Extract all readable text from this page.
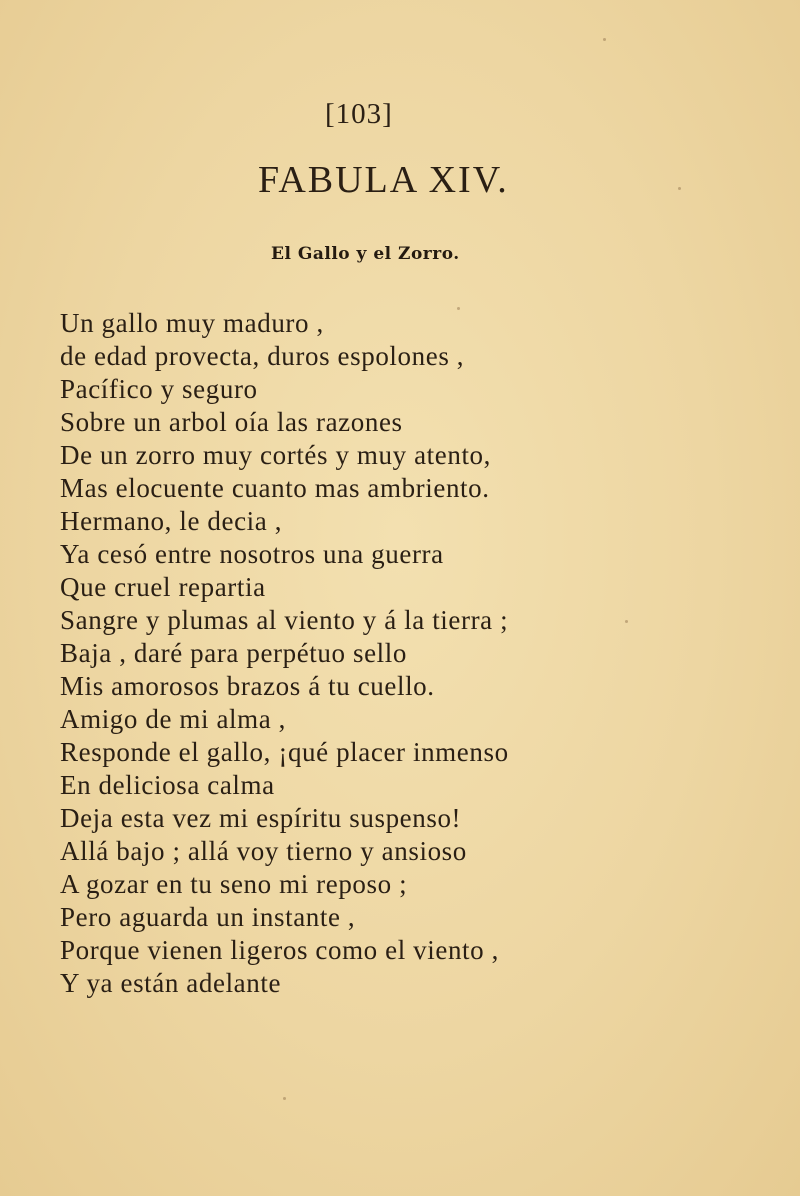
[103]
FABULA XIV.
El Gallo y el Zorro.
Un gallo muy maduro ,
de edad provecta, duros espolones ,
Pacífico y seguro
Sobre un arbol oía las razones
De un zorro muy cortés y muy atento,
Mas elocuente cuanto mas ambriento.
Hermano, le decia ,
Ya cesó entre nosotros una guerra
Que cruel repartia
Sangre y plumas al viento y á la tierra ;
Baja , daré para perpétuo sello
Mis amorosos brazos á tu cuello.
Amigo de mi alma ,
Responde el gallo, ¡qué placer inmenso
En deliciosa calma
Deja esta vez mi espíritu suspenso!
Allá bajo ; allá voy tierno y ansioso
A gozar en tu seno mi reposo ;
Pero aguarda un instante ,
Porque vienen ligeros como el viento ,
Y ya están adelante
